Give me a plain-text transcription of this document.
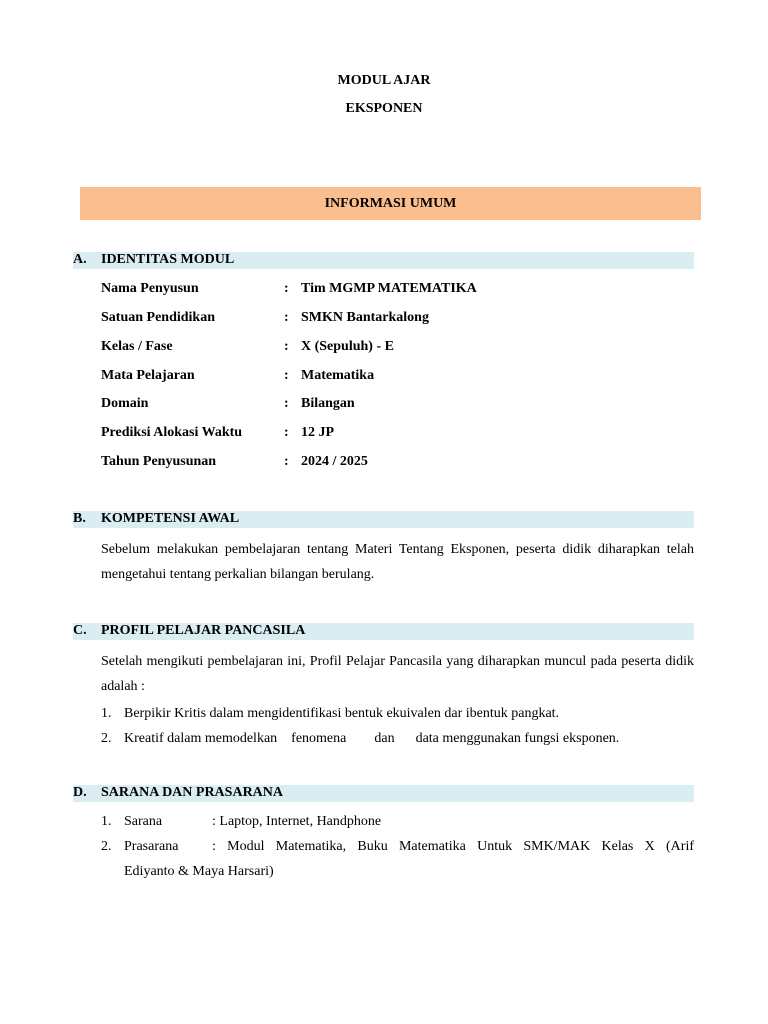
MODUL AJAR
EKSPONEN
INFORMASI UMUM
A. IDENTITAS MODUL
Nama Penyusun	: Tim MGMP MATEMATIKA
Satuan Pendidikan	: SMKN Bantarkalong
Kelas / Fase	: X (Sepuluh) - E
Mata Pelajaran	: Matematika
Domain	: Bilangan
Prediksi Alokasi Waktu	: 12 JP
Tahun Penyusunan	: 2024 / 2025
B. KOMPETENSI AWAL
Sebelum melakukan pembelajaran tentang Materi Tentang Eksponen, peserta didik diharapkan telah mengetahui tentang perkalian bilangan berulang.
C. PROFIL PELAJAR PANCASILA
Setelah mengikuti pembelajaran ini, Profil Pelajar Pancasila yang diharapkan muncul pada peserta didik adalah :
1. Berpikir Kritis dalam mengidentifikasi bentuk ekuivalen dar ibentuk pangkat.
2. Kreatif dalam memodelkan    fenomena        dan      data menggunakan fungsi eksponen.
D. SARANA DAN PRASARANA
1. Sarana	: Laptop, Internet, Handphone
2. Prasarana : Modul Matematika, Buku Matematika Untuk SMK/MAK Kelas X (Arif
Ediyanto & Maya Harsari)
